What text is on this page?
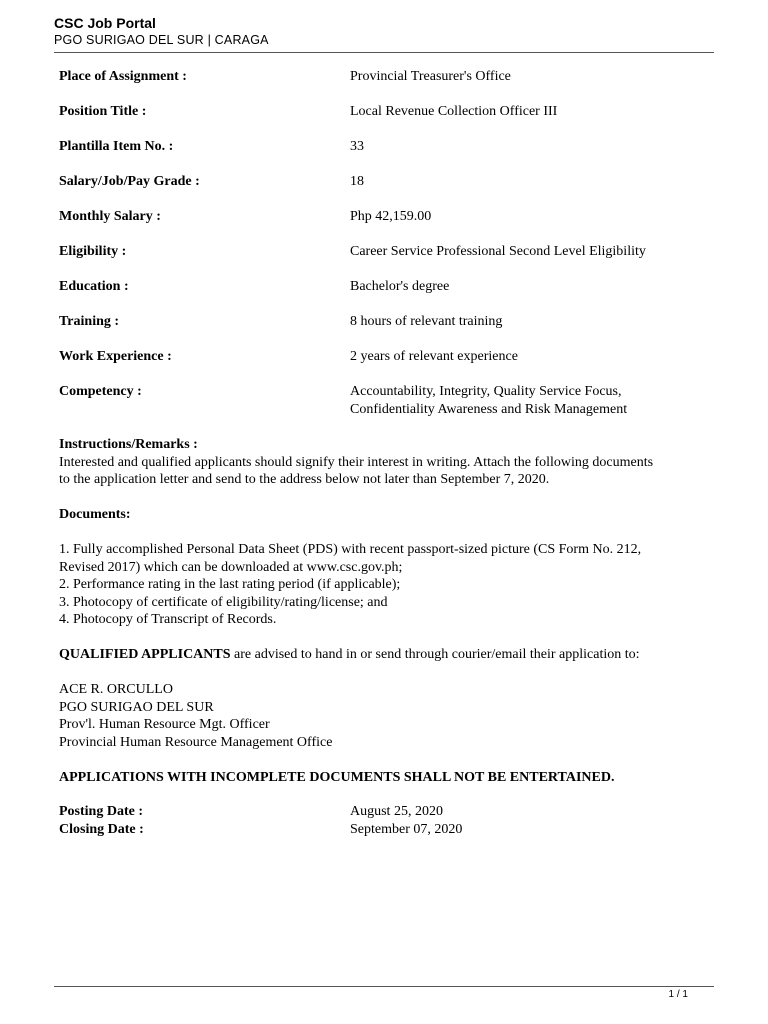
CSC Job Portal
PGO SURIGAO DEL SUR | CARAGA
Place of Assignment :	Provincial Treasurer's Office
Position Title :	Local Revenue Collection Officer III
Plantilla Item No. :	33
Salary/Job/Pay Grade :	18
Monthly Salary :	Php 42,159.00
Eligibility :	Career Service Professional Second Level Eligibility
Education :	Bachelor's degree
Training :	8 hours of relevant training
Work Experience :	2 years of relevant experience
Competency :	Accountability, Integrity, Quality Service Focus,
Confidentiality Awareness and Risk Management

Instructions/Remarks :

Interested and qualified applicants should signify their interest in writing. Attach the following documents

to the application letter and send to the address below not later than September 7, 2020.

Documents:

1. Fully accomplished Personal Data Sheet (PDS) with recent passport-sized picture (CS Form No. 212,

Revised 2017) which can be downloaded at www.csc.gov.ph;

2. Performance rating in the last rating period (if applicable);

3. Photocopy of certificate of eligibility/rating/license; and

4. Photocopy of Transcript of Records.

QUALIFIED APPLICANTS are advised to hand in or send through courier/email their application to:

ACE R. ORCULLO

PGO SURIGAO DEL SUR

Prov'l. Human Resource Mgt. Officer

Provincial Human Resource Management Office

APPLICATIONS WITH INCOMPLETE DOCUMENTS SHALL NOT BE ENTERTAINED.

Posting Date :	August 25, 2020
Closing Date :	September 07, 2020
1 / 1
